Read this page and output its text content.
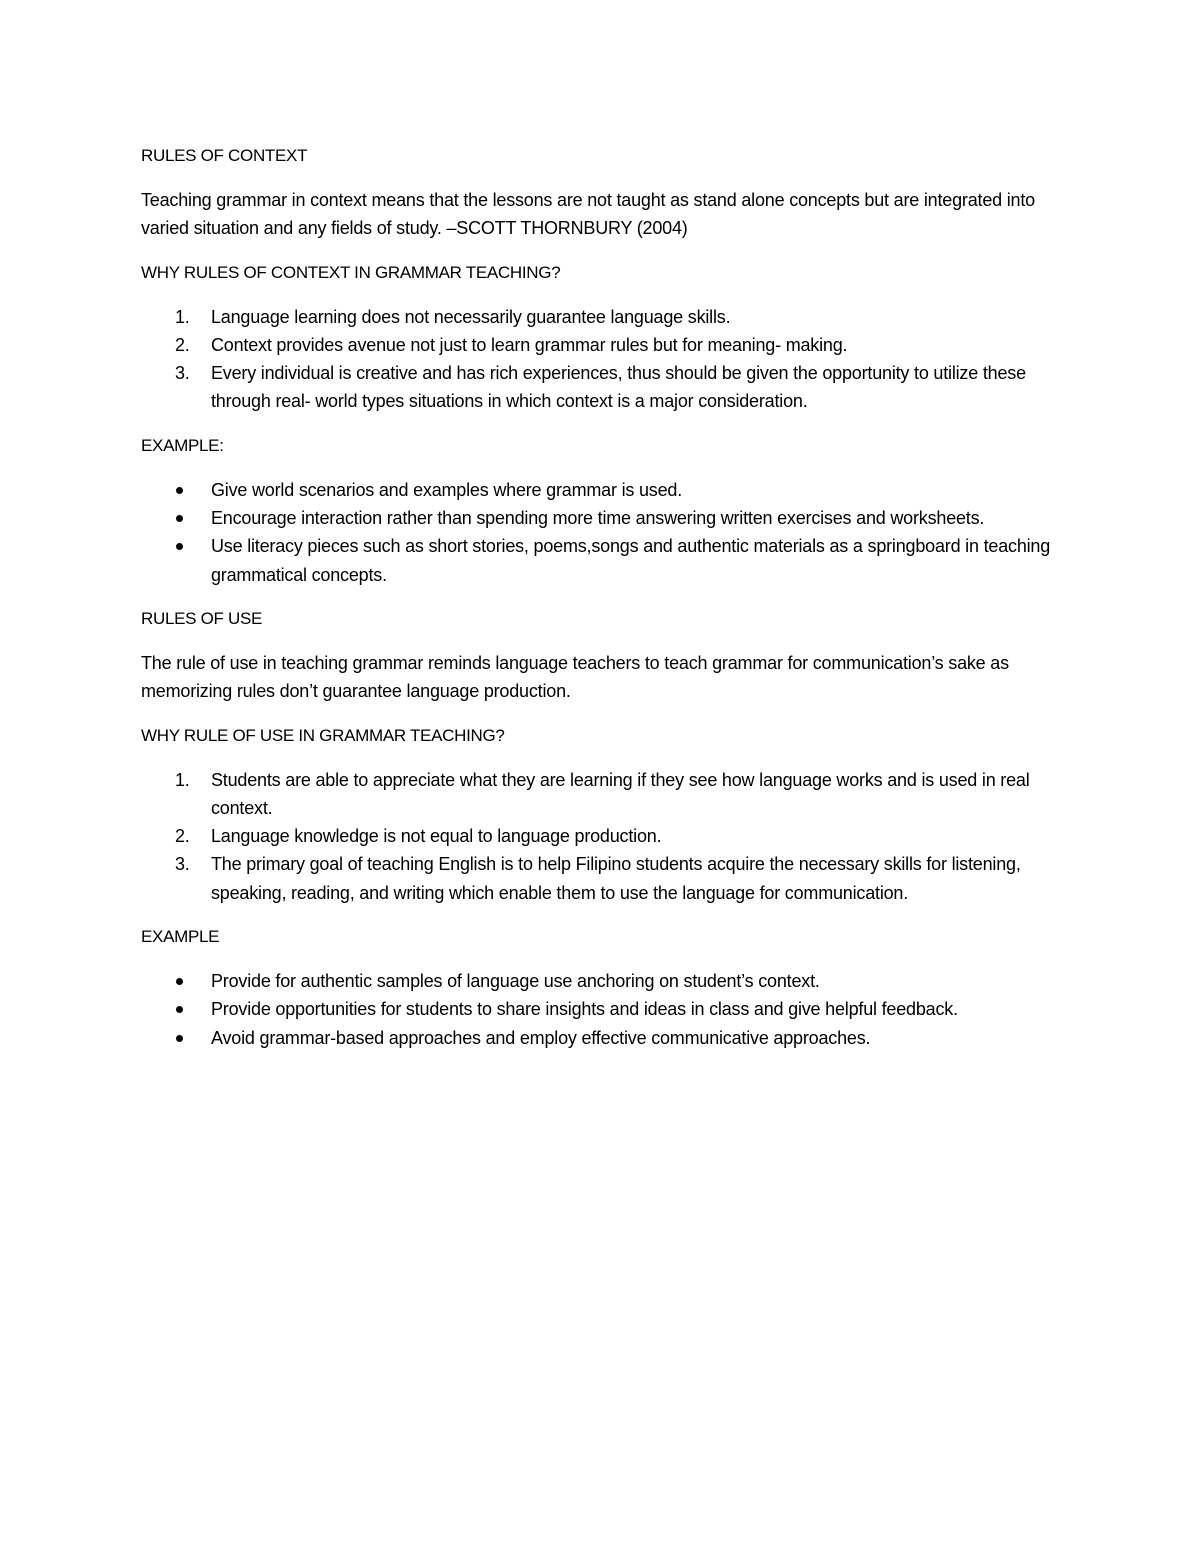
RULES OF CONTEXT
Teaching grammar in context means that the lessons are not taught as stand alone concepts but are integrated into varied situation and any fields of study. –SCOTT THORNBURY (2004)
WHY RULES OF CONTEXT IN GRAMMAR TEACHING?
1. Language learning does not necessarily guarantee language skills.
2. Context provides avenue not just to learn grammar rules but for meaning- making.
3. Every individual is creative and has rich experiences, thus should be given the opportunity to utilize these through real- world types situations in which context is a major consideration.
EXAMPLE:
Give world scenarios and examples where grammar is used.
Encourage interaction rather than spending more time answering written exercises and worksheets.
Use literacy pieces such as short stories, poems,songs and authentic materials as a springboard in teaching grammatical concepts.
RULES OF USE
The rule of use in teaching grammar reminds language teachers to teach grammar for communication’s sake as memorizing rules don’t guarantee language production.
WHY RULE OF USE IN GRAMMAR TEACHING?
1. Students are able to appreciate what they are learning if they see how language works and is used in real context.
2. Language knowledge is not equal to language production.
3. The primary goal of teaching English is to help Filipino students acquire the necessary skills for listening, speaking, reading, and writing which enable them to use the language for communication.
EXAMPLE
Provide for authentic samples of language use anchoring on student’s context.
Provide opportunities for students to share insights and ideas in class and give helpful feedback.
Avoid grammar-based approaches and employ effective communicative approaches.
